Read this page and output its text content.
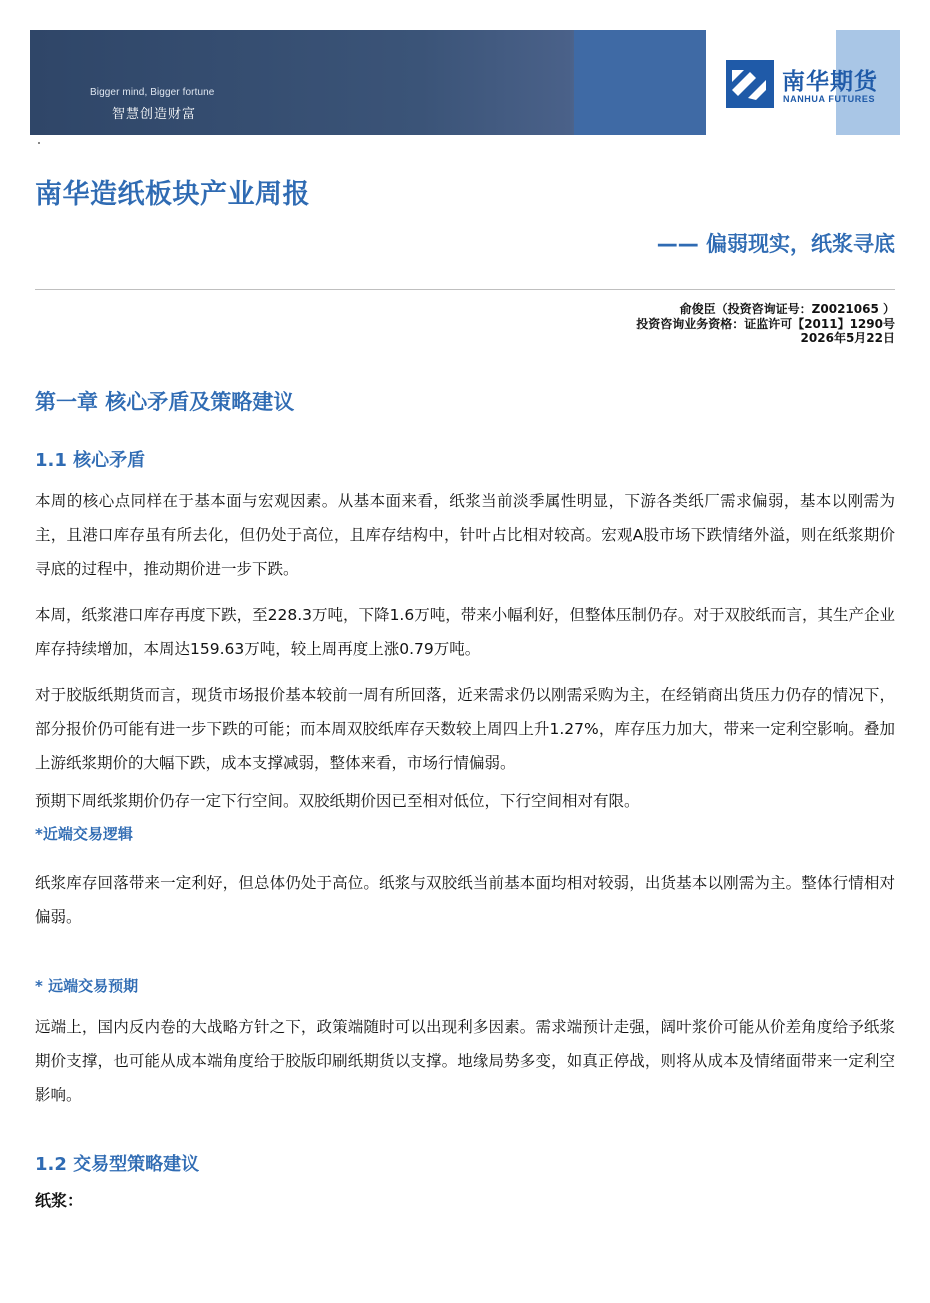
Bigger mind, Bigger fortune
智慧创造财富
南华期货
NANHUA FUTURES
南华造纸板块产业周报
—— 偏弱现实，纸浆寻底
俞俊臣（投资咨询证号：Z0021065 ）
投资咨询业务资格：证监许可【2011】1290号
2026年5月22日
第一章 核心矛盾及策略建议
1.1 核心矛盾

本周的核心点同样在于基本面与宏观因素。从基本面来看，纸浆当前淡季属性明显，下游各类纸厂需求偏弱，基本以刚需为主，且港口库存虽有所去化，但仍处于高位，且库存结构中，针叶占比相对较高。宏观A股市场下跌情绪外溢，则在纸浆期价寻底的过程中，推动期价进一步下跌。

本周，纸浆港口库存再度下跌，至228.3万吨，下降1.6万吨，带来小幅利好，但整体压制仍存。对于双胶纸而言，其生产企业库存持续增加，本周达159.63万吨，较上周再度上涨0.79万吨。

对于胶版纸期货而言，现货市场报价基本较前一周有所回落，近来需求仍以刚需采购为主，在经销商出货压力仍存的情况下，部分报价仍可能有进一步下跌的可能；而本周双胶纸库存天数较上周四上升1.27%，库存压力加大，带来一定利空影响。叠加上游纸浆期价的大幅下跌，成本支撑减弱，整体来看，市场行情偏弱。

预期下周纸浆期价仍存一定下行空间。双胶纸期价因已至相对低位，下行空间相对有限。

*近端交易逻辑

纸浆库存回落带来一定利好，但总体仍处于高位。纸浆与双胶纸当前基本面均相对较弱，出货基本以刚需为主。整体行情相对偏弱。

* 远端交易预期

远端上，国内反内卷的大战略方针之下，政策端随时可以出现利多因素。需求端预计走强，阔叶浆价可能从价差角度给予纸浆期价支撑，也可能从成本端角度给于胶版印刷纸期货以支撑。地缘局势多变，如真正停战，则将从成本及情绪面带来一定利空影响。

1.2 交易型策略建议

纸浆：
